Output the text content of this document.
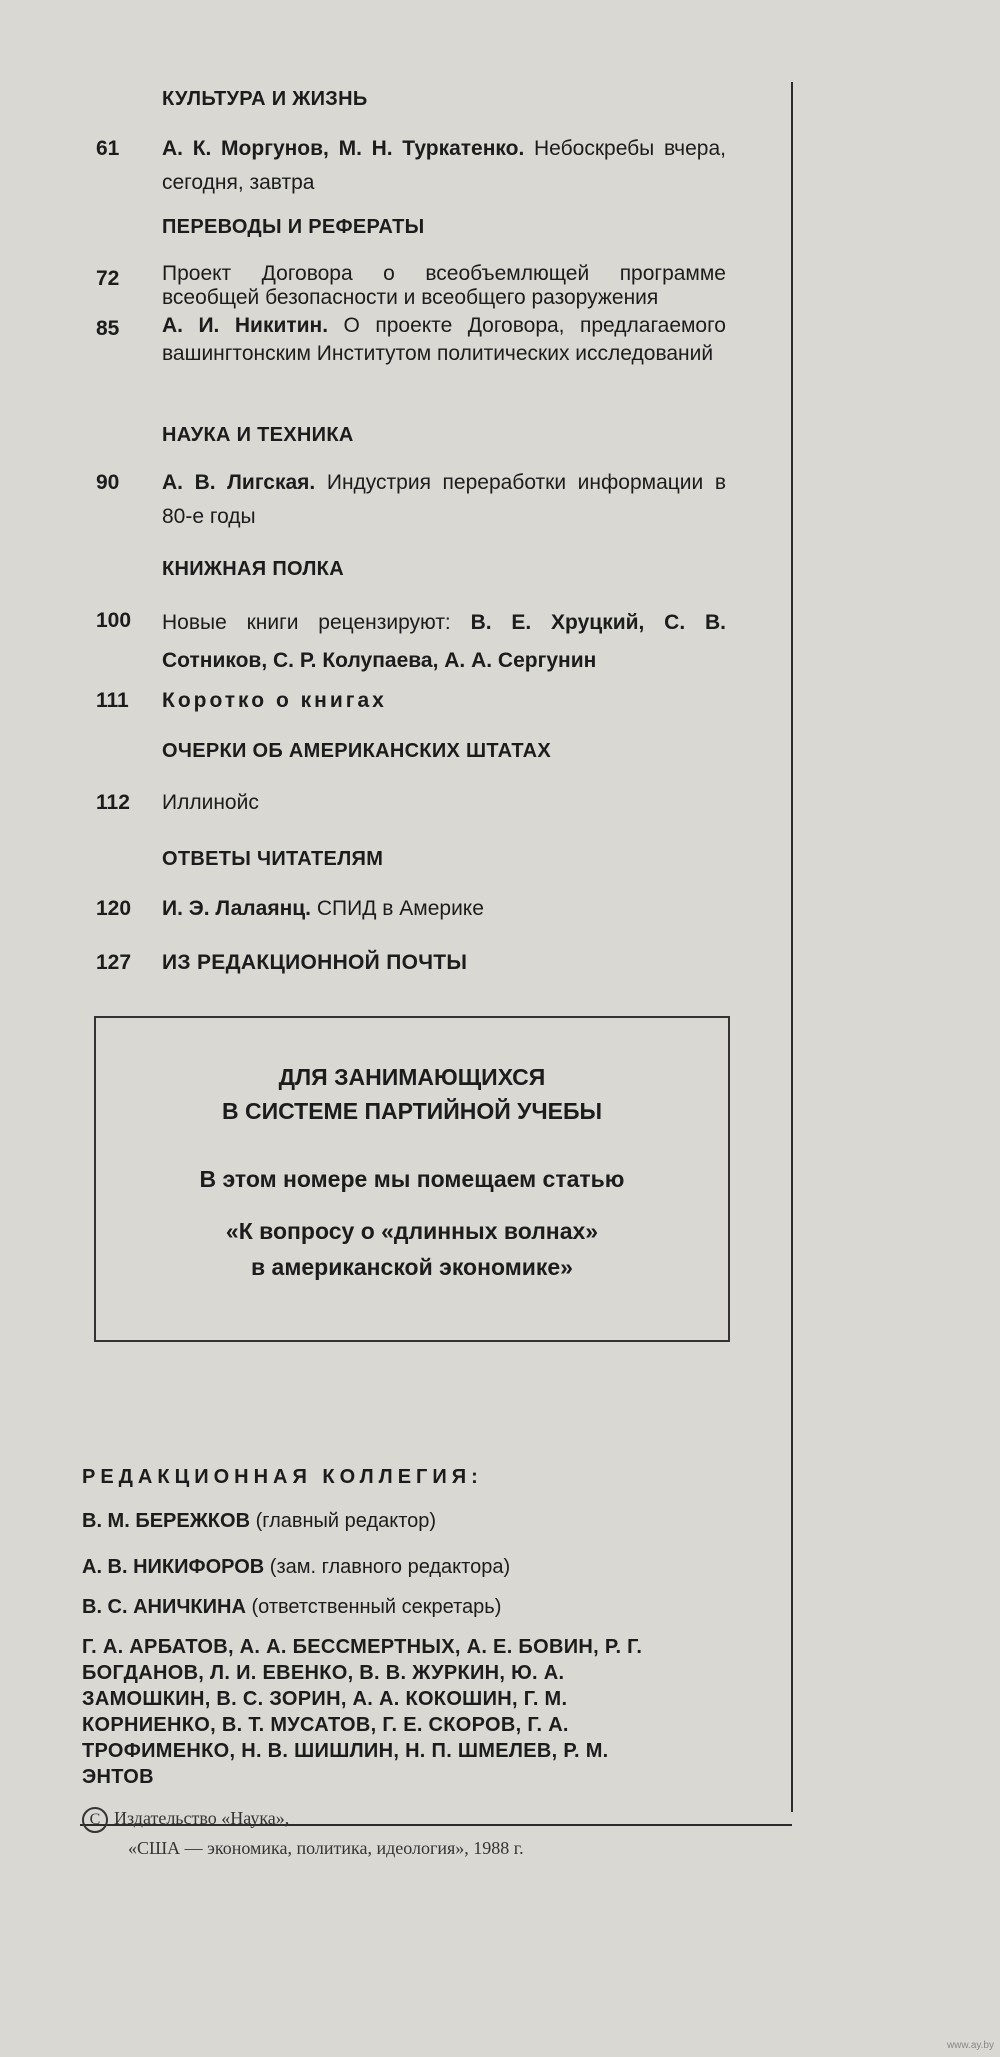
КУЛЬТУРА И ЖИЗНЬ
61	А. К. Моргунов, М. Н. Туркатенко. Небоскребы вчера, сегодня, завтра
ПЕРЕВОДЫ И РЕФЕРАТЫ
72	Проект Договора о всеобъемлющей программе всеобщей безопасности и всеобщего разоружения
85	А. И. Никитин. О проекте Договора, предлагаемого вашингтонским Институтом политических исследований
НАУКА И ТЕХНИКА
90	А. В. Лигская. Индустрия переработки информации в 80-е годы
КНИЖНАЯ ПОЛКА
100	Новые книги рецензируют: В. Е. Хруцкий, С. В. Сотников, С. Р. Колупаева, А. А. Сергунин
111	Коротко о книгах
ОЧЕРКИ ОБ АМЕРИКАНСКИХ ШТАТАХ
112	Иллинойс
ОТВЕТЫ ЧИТАТЕЛЯМ
120	И. Э. Лалаянц. СПИД в Америке
127	ИЗ РЕДАКЦИОННОЙ ПОЧТЫ
ДЛЯ ЗАНИМАЮЩИХСЯ
В СИСТЕМЕ ПАРТИЙНОЙ УЧЕБЫ
В этом номере мы помещаем статью
«К вопросу о «длинных волнах»
в американской экономике»
РЕДАКЦИОННАЯ КОЛЛЕГИЯ:
В. М. БЕРЕЖКОВ (главный редактор)
А. В. НИКИФОРОВ (зам. главного редактора)
В. С. АНИЧКИНА (ответственный секретарь)
Г. А. АРБАТОВ, А. А. БЕССМЕРТНЫХ, А. Е. БОВИН, Р. Г. БОГДАНОВ, Л. И. ЕВЕНКО, В. В. ЖУРКИН, Ю. А. ЗАМОШКИН, В. С. ЗОРИН, А. А. КОКОШИН, Г. М. КОРНИЕНКО, В. Т. МУСАТОВ, Г. Е. СКОРОВ, Г. А. ТРОФИМЕНКО, Н. В. ШИШЛИН, Н. П. ШМЕЛЕВ, Р. М. ЭНТОВ
C Издательство «Наука»,
«США — экономика, политика, идеология», 1988 г.
www.ay.by
